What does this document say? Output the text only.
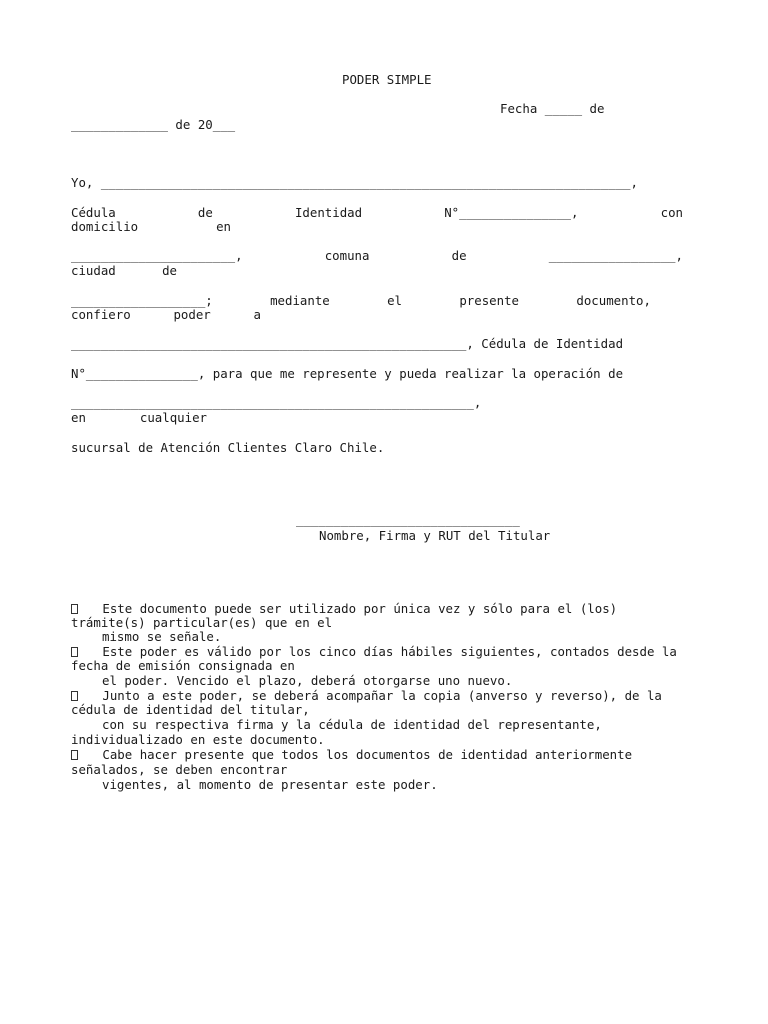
PODER SIMPLE
Fecha _____ de
_____________ de 20___
Yo, _______________________________________________________________________,
Cédula	de	Identidad	N°_______________,	con
domicilio	en
______________________,	comuna	de	_________________,
ciudad	de
__________________;	mediante	el	presente	documento,
confiero	poder	a
_____________________________________________________, Cédula de Identidad
N°_______________, para que me represente y pueda realizar la operación de
______________________________________________________,
en	cualquier
sucursal de Atención Clientes Claro Chile.
______________________________
Nombre, Firma y RUT del Titular
Este documento puede ser utilizado por única vez y sólo para el (los)
trámite(s) particular(es) que en el
mismo se señale.
Este poder es válido por los cinco días hábiles siguientes, contados desde la
fecha de emisión consignada en
el poder. Vencido el plazo, deberá otorgarse uno nuevo.
Junto a este poder, se deberá acompañar la copia (anverso y reverso), de la
cédula de identidad del titular,
con su respectiva firma y la cédula de identidad del representante,
individualizado en este documento.
Cabe hacer presente que todos los documentos de identidad anteriormente
señalados, se deben encontrar
vigentes, al momento de presentar este poder.
